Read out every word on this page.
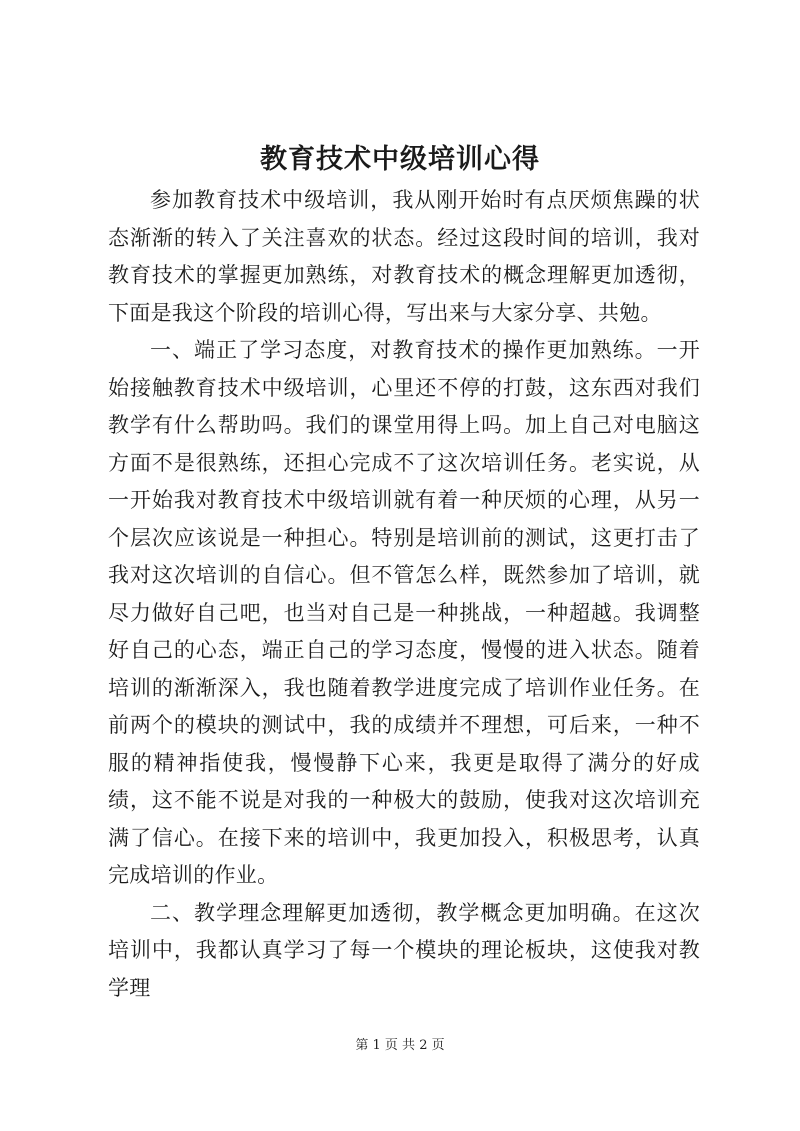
教育技术中级培训心得

参加教育技术中级培训，我从刚开始时有点厌烦焦躁的状态渐渐的转入了关注喜欢的状态。经过这段时间的培训，我对教育技术的掌握更加熟练，对教育技术的概念理解更加透彻，下面是我这个阶段的培训心得，写出来与大家分享、共勉。

一、端正了学习态度，对教育技术的操作更加熟练。一开始接触教育技术中级培训，心里还不停的打鼓，这东西对我们教学有什么帮助吗。我们的课堂用得上吗。加上自己对电脑这方面不是很熟练，还担心完成不了这次培训任务。老实说，从一开始我对教育技术中级培训就有着一种厌烦的心理，从另一个层次应该说是一种担心。特别是培训前的测试，这更打击了我对这次培训的自信心。但不管怎么样，既然参加了培训，就尽力做好自己吧，也当对自己是一种挑战，一种超越。我调整好自己的心态，端正自己的学习态度，慢慢的进入状态。随着培训的渐渐深入，我也随着教学进度完成了培训作业任务。在前两个的模块的测试中，我的成绩并不理想，可后来，一种不服的精神指使我，慢慢静下心来，我更是取得了满分的好成绩，这不能不说是对我的一种极大的鼓励，使我对这次培训充满了信心。在接下来的培训中，我更加投入，积极思考，认真完成培训的作业。

二、教学理念理解更加透彻，教学概念更加明确。在这次培训中，我都认真学习了每一个模块的理论板块，这使我对教学理

第 1 页 共 2 页
